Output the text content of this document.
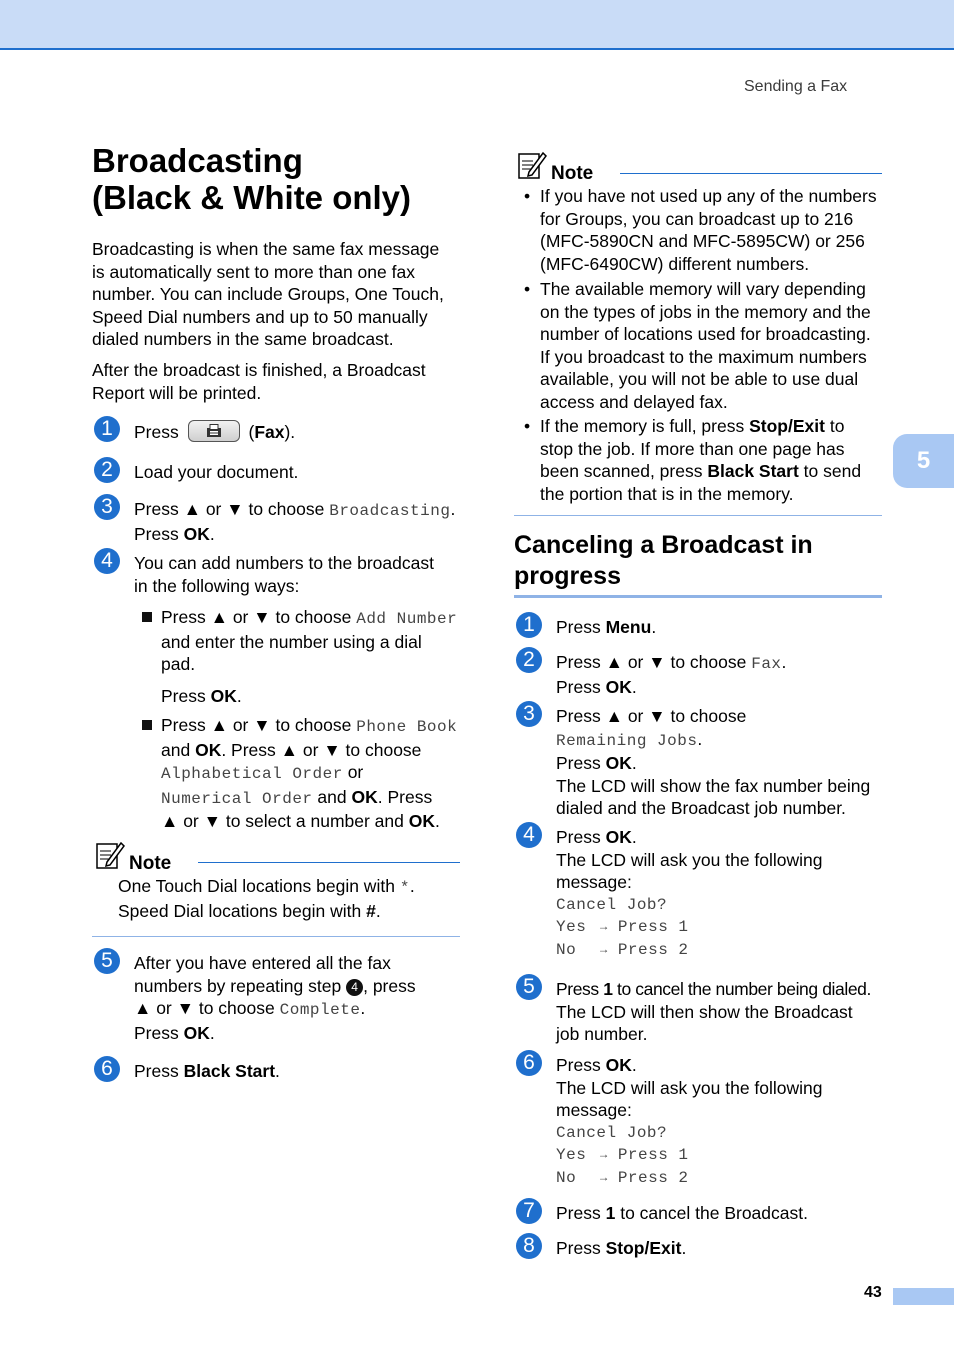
Sending a Fax
5
43
Broadcasting
(Black & White only)
Broadcasting is when the same fax message
is automatically sent to more than one fax
number. You can include Groups, One Touch,
Speed Dial numbers and up to 50 manually
dialed numbers in the same broadcast.
After the broadcast is finished, a Broadcast
Report will be printed.
1	Press	(Fax).
2	Load your document.
3	Press ▲ or ▼ to choose Broadcasting.
Press OK.
4	You can add numbers to the broadcast
in the following ways:
Press ▲ or ▼ to choose Add Number
and enter the number using a dial
pad.
Press OK.
Press ▲ or ▼ to choose Phone Book
and OK. Press ▲ or ▼ to choose
Alphabetical Order or
Numerical Order and OK. Press
▲ or ▼ to select a number and OK.
Note
One Touch Dial locations begin with *.
Speed Dial locations begin with #.
5	After you have entered all the fax
numbers by repeating step 4 , press
▲ or ▼ to choose Complete.
Press OK.
6	Press Black Start.
Note
• If you have not used up any of the numbers
for Groups, you can broadcast up to 216
(MFC-5890CN and MFC-5895CW) or 256
(MFC-6490CW) different numbers.
• The available memory will vary depending
on the types of jobs in the memory and the
number of locations used for broadcasting.
If you broadcast to the maximum numbers
available, you will not be able to use dual
access and delayed fax.
• If the memory is full, press Stop/Exit to
stop the job. If more than one page has
been scanned, press Black Start to send
the portion that is in the memory.
Canceling a Broadcast in
progress
1	Press Menu.
2	Press ▲ or ▼ to choose Fax.
Press OK.
3	Press ▲ or ▼ to choose
Remaining Jobs.
Press OK.
The LCD will show the fax number being
dialed and the Broadcast job number.
4	Press OK.
The LCD will ask you the following
message:
Cancel Job?
Yes → Press 1
No → Press 2
5	Press 1 to cancel the number being dialed.
The LCD will then show the Broadcast
job number.
6	Press OK.
The LCD will ask you the following
message:
Cancel Job?
Yes → Press 1
No → Press 2
7	Press 1 to cancel the Broadcast.
8	Press Stop/Exit.
